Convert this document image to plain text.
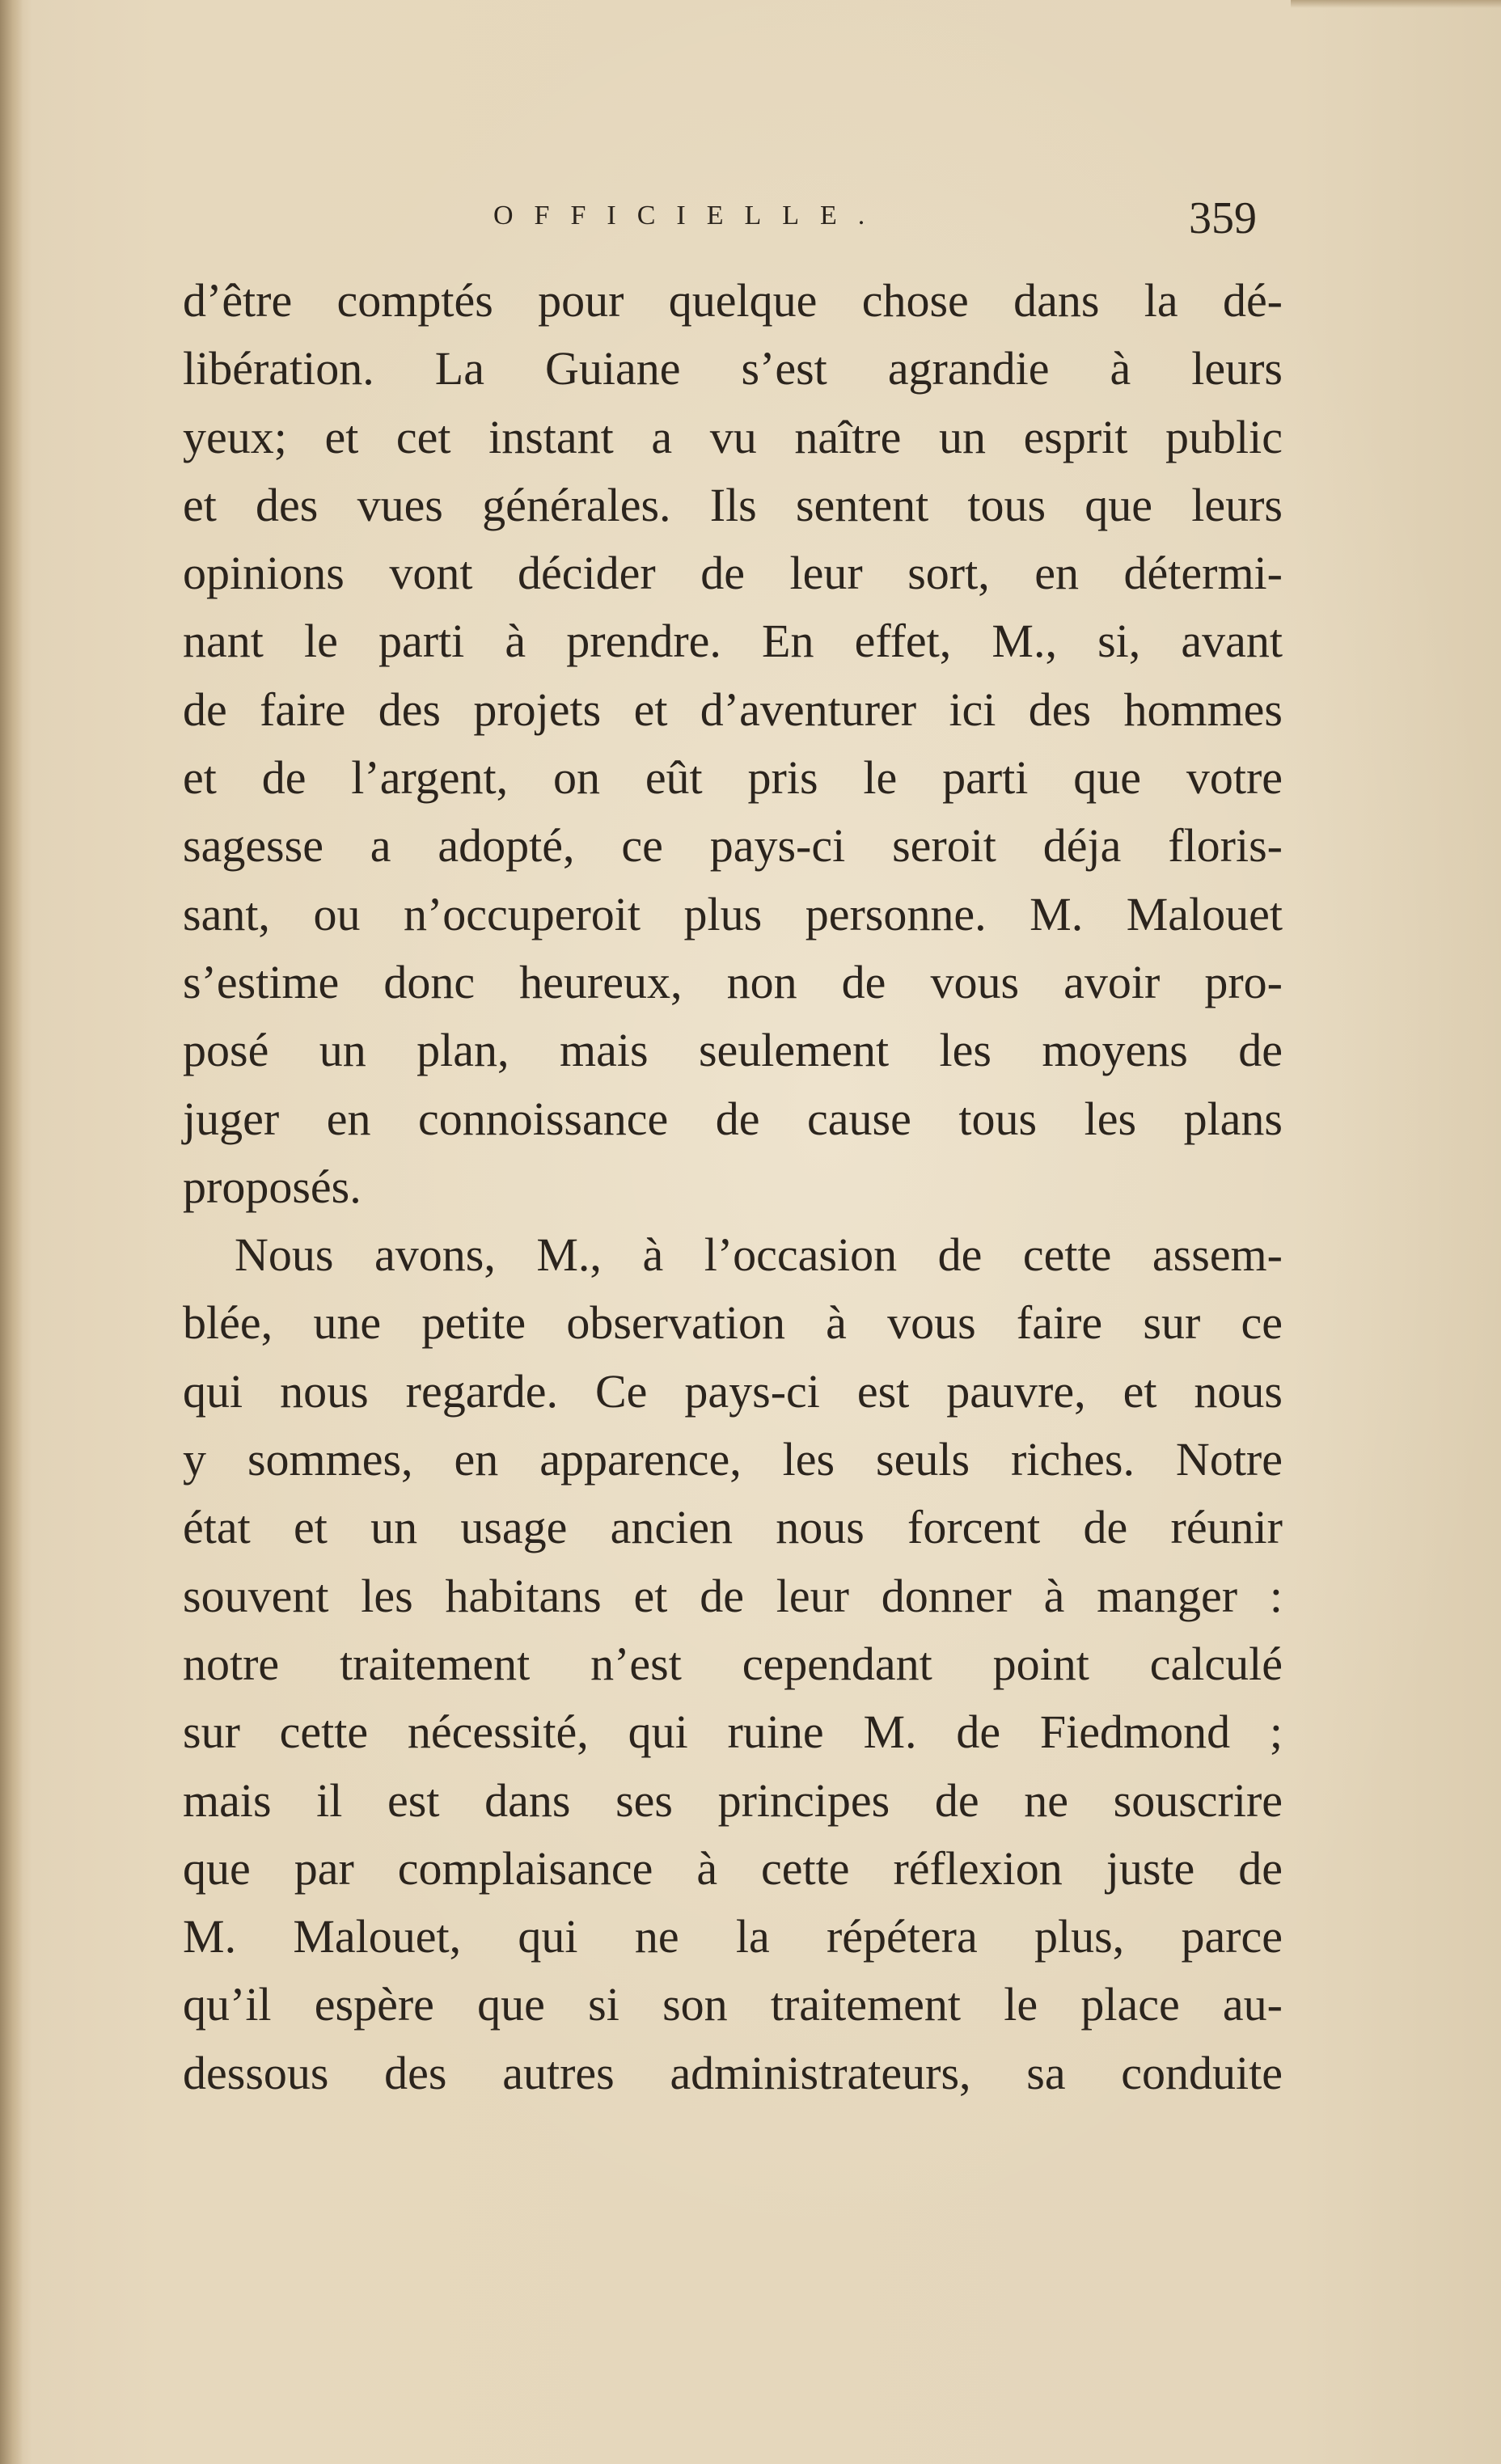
OFFICIELLE.	359
d’être comptés pour quelque chose dans la dé-
libération. La Guiane s’est agrandie à leurs
yeux; et cet instant a vu naître un esprit public
et des vues générales. Ils sentent tous que leurs
opinions vont décider de leur sort, en détermi-
nant le parti à prendre. En effet, M., si, avant
de faire des projets et d’aventurer ici des hommes
et de l’argent, on eût pris le parti que votre
sagesse a adopté, ce pays-ci seroit déja floris-
sant, ou n’occuperoit plus personne. M. Malouet
s’estime donc heureux, non de vous avoir pro-
posé un plan, mais seulement les moyens de
juger en connoissance de cause tous les plans
proposés.
Nous avons, M., à l’occasion de cette assem-
blée, une petite observation à vous faire sur ce
qui nous regarde. Ce pays-ci est pauvre, et nous
y sommes, en apparence, les seuls riches. Notre
état et un usage ancien nous forcent de réunir
souvent les habitans et de leur donner à manger :
notre traitement n’est cependant point calculé
sur cette nécessité, qui ruine M. de Fiedmond ;
mais il est dans ses principes de ne souscrire
que par complaisance à cette réflexion juste de
M. Malouet, qui ne la répétera plus, parce
qu’il espère que si son traitement le place au-
dessous des autres administrateurs, sa conduite
